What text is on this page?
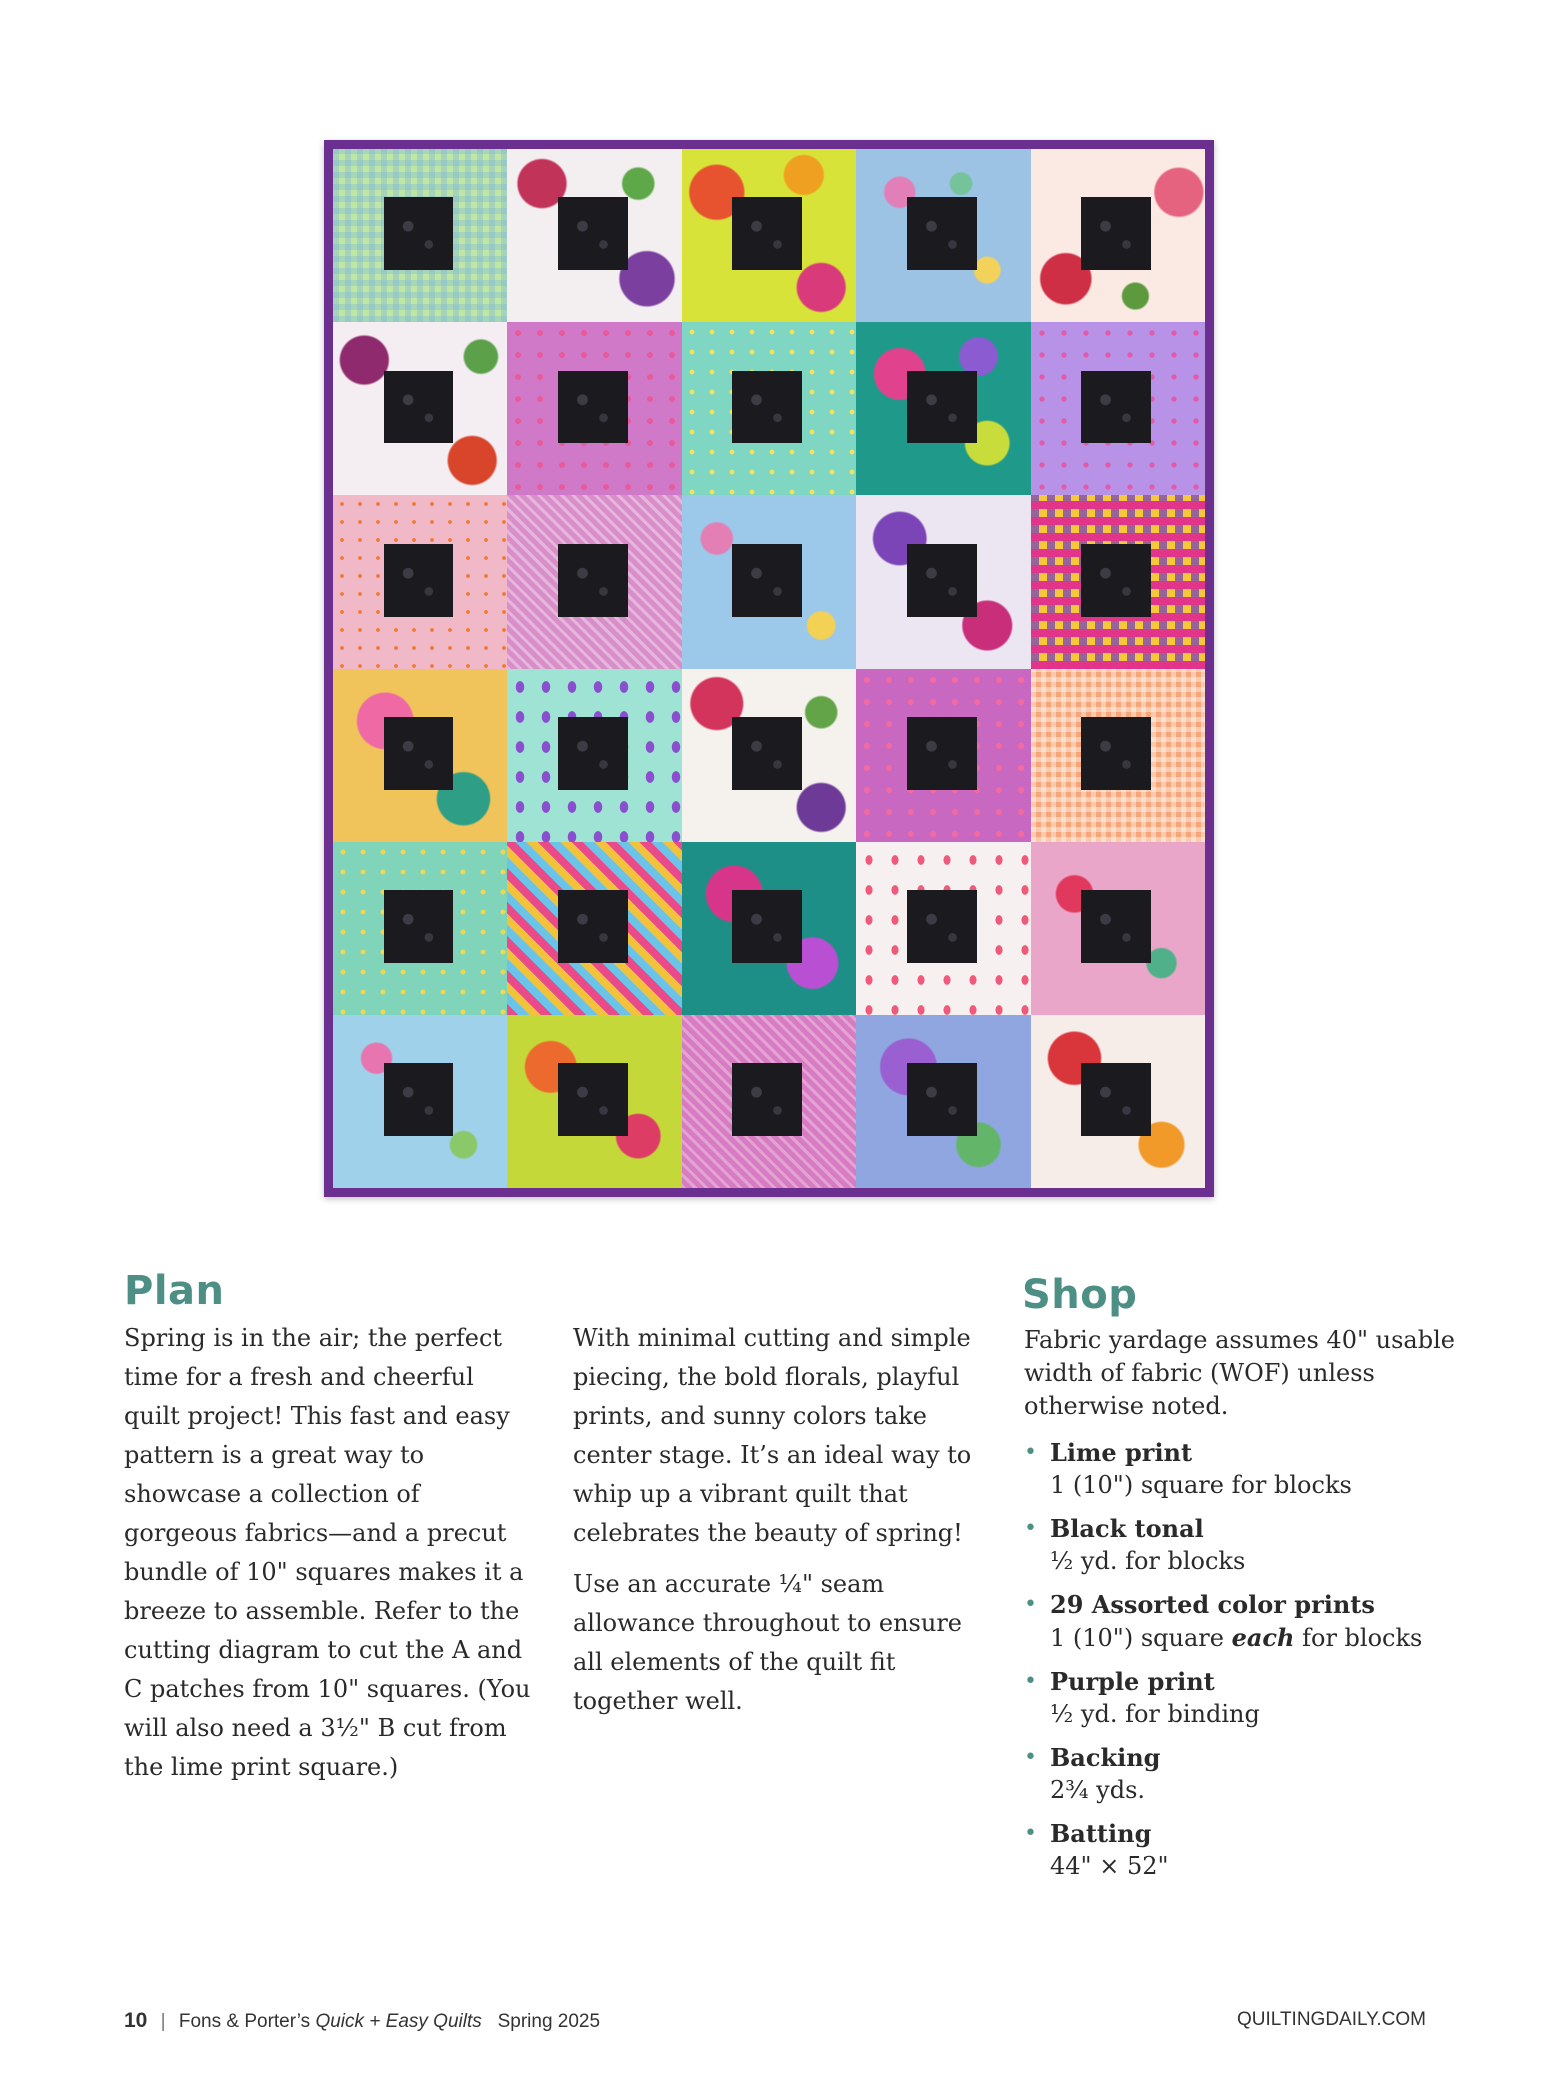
Plan

Spring is in the air; the perfect time for a fresh and cheerful quilt project! This fast and easy pattern is a great way to showcase a collection of gorgeous fabrics—and a precut bundle of 10" squares makes it a breeze to assemble. Refer to the cutting diagram to cut the A and C patches from 10" squares. (You will also need a 3½" B cut from the lime print square.)

With minimal cutting and simple piecing, the bold florals, playful prints, and sunny colors take center stage. It’s an ideal way to whip up a vibrant quilt that celebrates the beauty of spring!

Use an accurate ¼" seam allowance throughout to ensure all elements of the quilt fit together well.

Shop

Fabric yardage assumes 40" usable width of fabric (WOF) unless otherwise noted.

• Lime print
1 (10") square for blocks
• Black tonal
½ yd. for blocks
• 29 Assorted color prints
1 (10") square each for blocks
• Purple print
½ yd. for binding
• Backing
2¾ yds.
• Batting
44" × 52"
10 | Fons & Porter’s Quick + Easy Quilts Spring 2025	QUILTINGDAILY.COM
